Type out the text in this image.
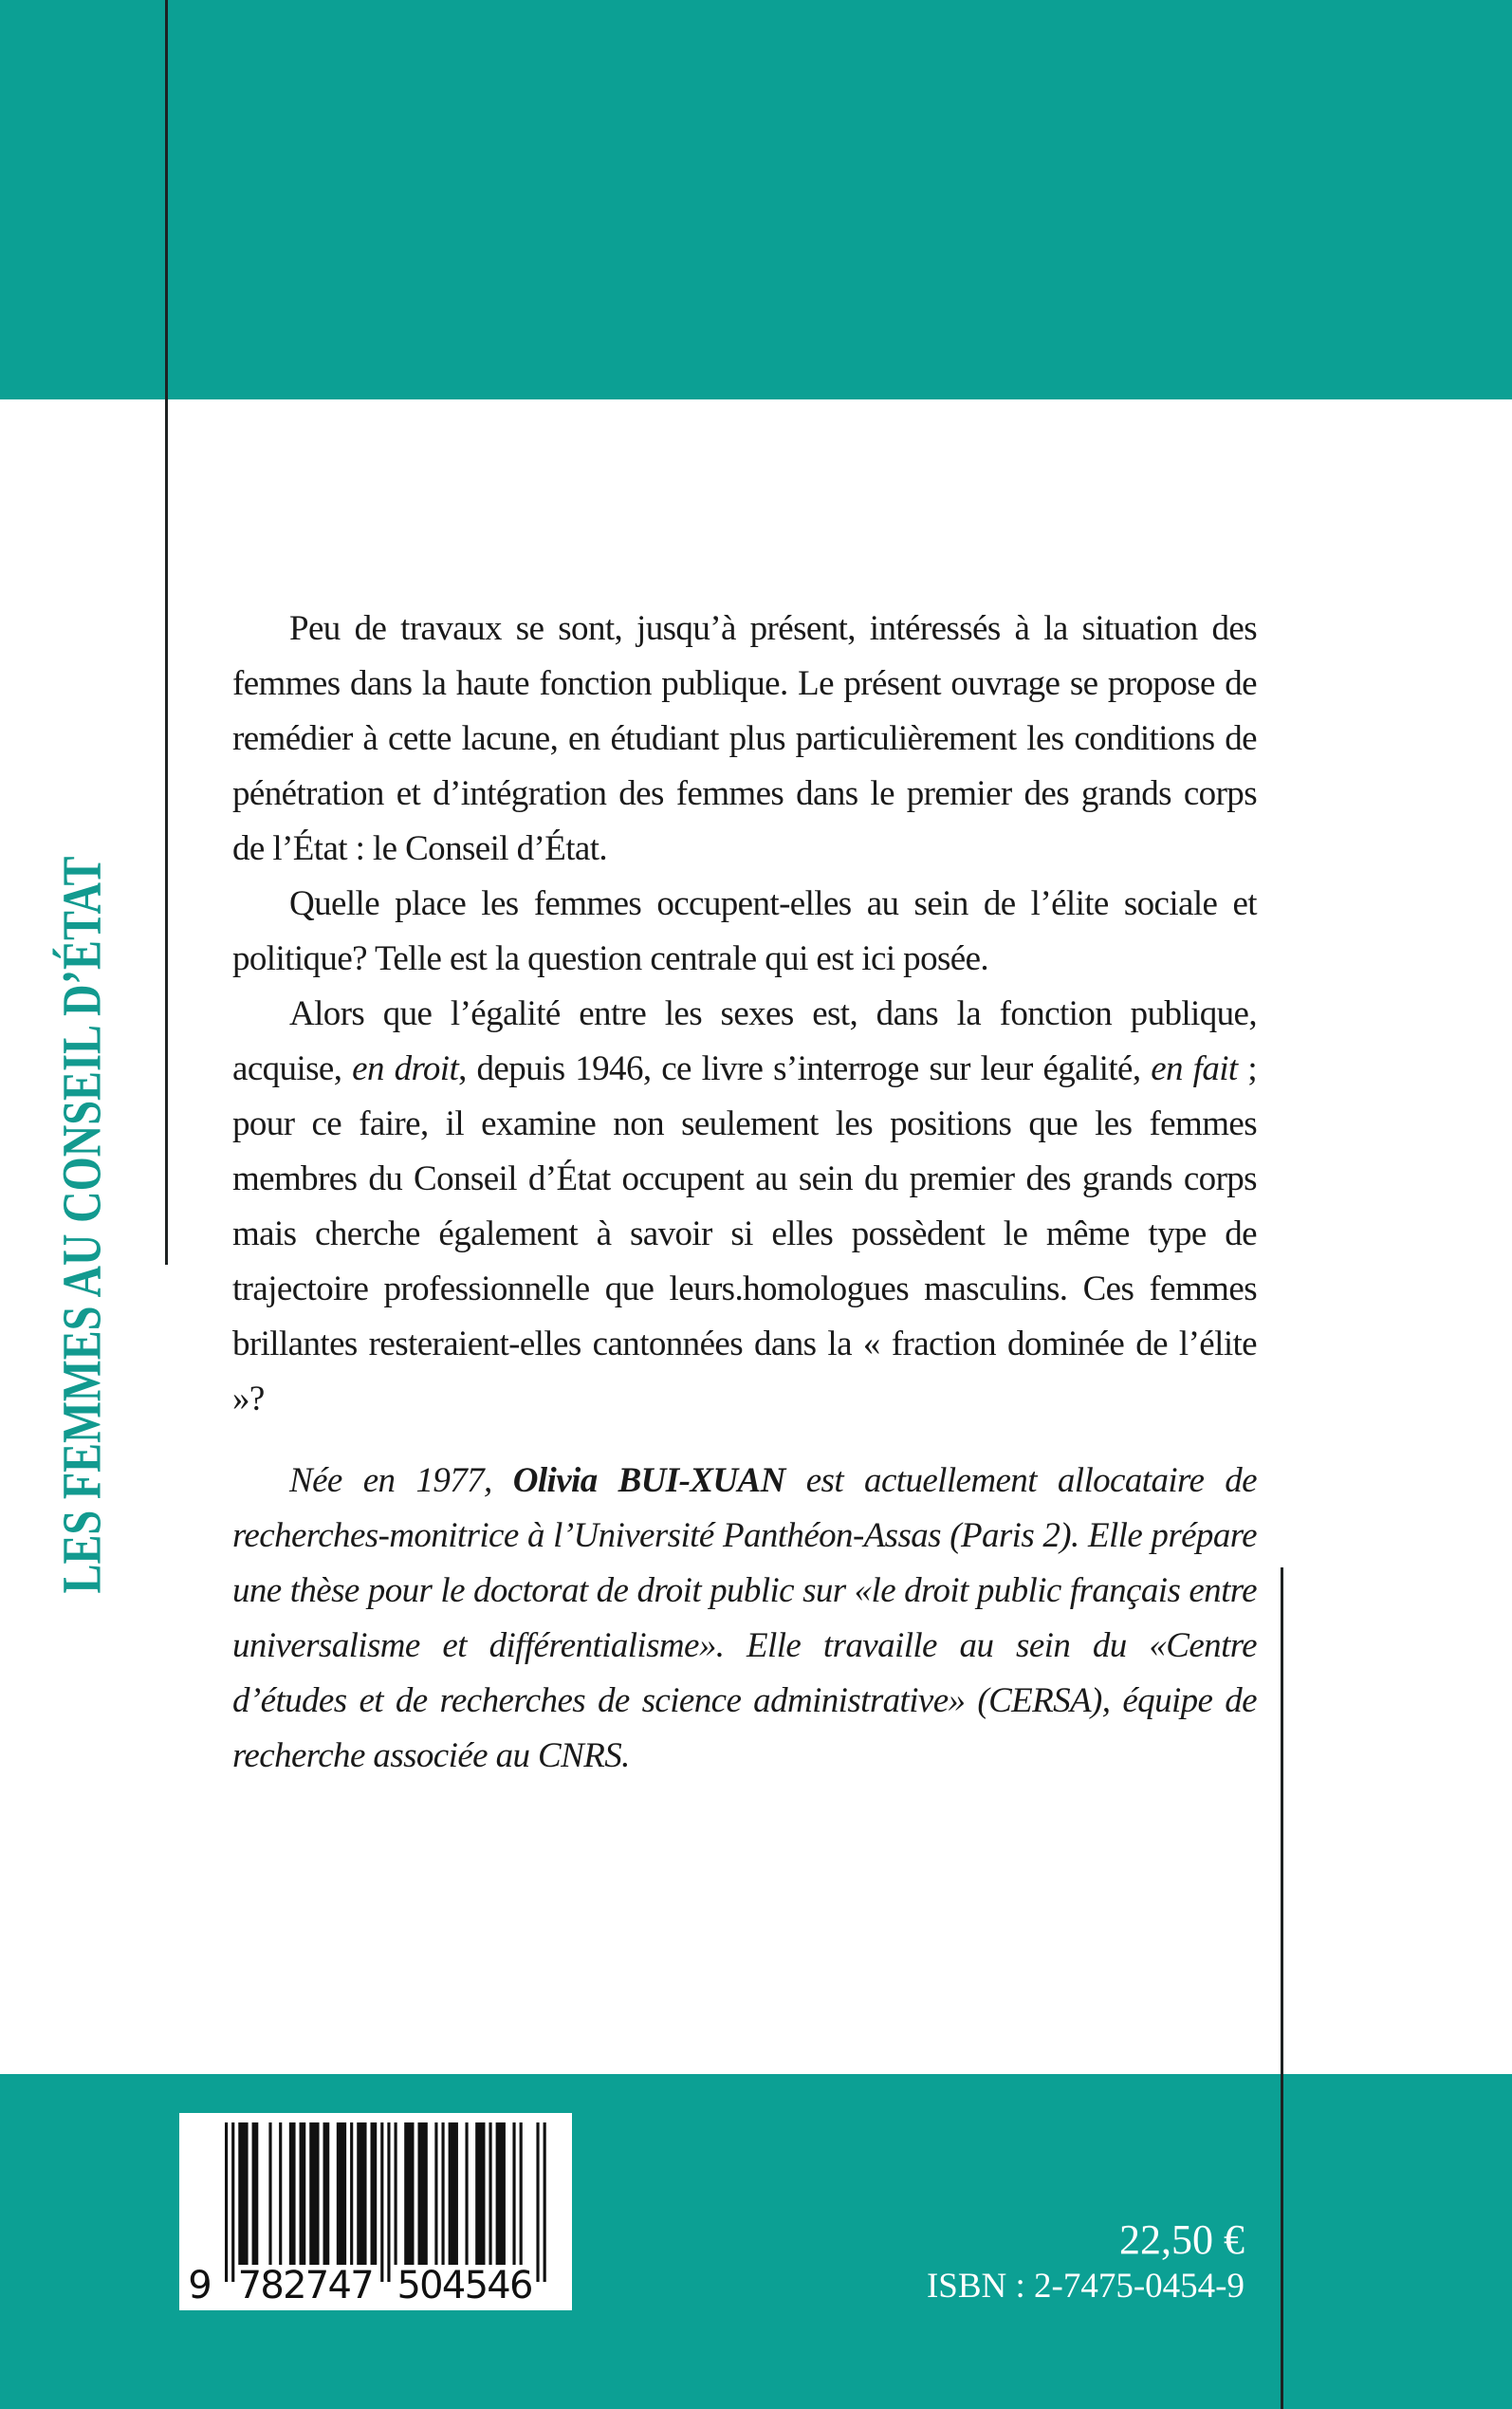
LES FEMMES AU CONSEIL D’ÉTAT

Peu de travaux se sont, jusqu’à présent, intéressés à la situation des femmes dans la haute fonction publique. Le présent ouvrage se propose de remédier à cette lacune, en étudiant plus particulièrement les conditions de pénétration et d’intégration des femmes dans le premier des grands corps de l’État : le Conseil d’État.

Quelle place les femmes occupent-elles au sein de l’élite sociale et politique? Telle est la question centrale qui est ici posée.

Alors que l’égalité entre les sexes est, dans la fonction publique, acquise, en droit, depuis 1946, ce livre s’interroge sur leur égalité, en fait ; pour ce faire, il examine non seulement les positions que les femmes membres du Conseil d’État occupent au sein du premier des grands corps mais cherche également à savoir si elles possèdent le même type de trajectoire professionnelle que leurs.homologues masculins. Ces femmes brillantes resteraient-elles cantonnées dans la « fraction dominée de l’élite »?

Née en 1977, Olivia BUI-XUAN est actuellement allocataire de recherches-monitrice à l’Université Panthéon-Assas (Paris 2). Elle prépare une thèse pour le doctorat de droit public sur «le droit public français entre universalisme et différentialisme». Elle travaille au sein du «Centre d’études et de recherches de science administrative» (CERSA), équipe de recherche associée au CNRS.

9 782747 504546
22,50 €
ISBN : 2-7475-0454-9
